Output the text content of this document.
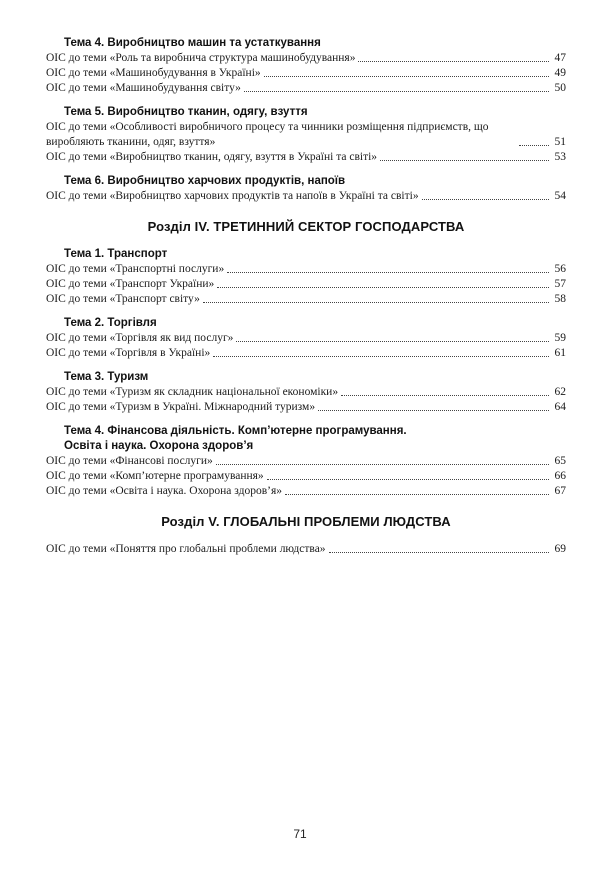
Тема 4. Виробництво машин та устаткування
ОІС до теми «Роль та виробнича структура машинобудування»	47
ОІС до теми «Машинобудування в Україні»	49
ОІС до теми «Машинобудування світу»	50
Тема 5. Виробництво тканин, одягу, взуття
ОІС до теми «Особливості виробничого процесу та чинники розміщення підприємств, що виробляють тканини, одяг, взуття»	51
ОІС до теми «Виробництво тканин, одягу, взуття в Україні та світі»	53
Тема 6. Виробництво харчових продуктів, напоїв
ОІС до теми «Виробництво харчових продуктів та напоїв в Україні та світі»	54
Розділ IV. ТРЕТИННИЙ СЕКТОР ГОСПОДАРСТВА
Тема 1. Транспорт
ОІС до теми «Транспортні послуги»	56
ОІС до теми «Транспорт України»	57
ОІС до теми «Транспорт світу»	58
Тема 2. Торгівля
ОІС до теми «Торгівля як вид послуг»	59
ОІС до теми «Торгівля в Україні»	61
Тема 3. Туризм
ОІС до теми «Туризм як складник національної економіки»	62
ОІС до теми «Туризм в Україні. Міжнародний туризм»	64
Тема 4. Фінансова діяльність. Комп’ютерне програмування.
Освіта і наука. Охорона здоров’я
ОІС до теми «Фінансові послуги»	65
ОІС до теми «Комп’ютерне програмування»	66
ОІС до теми «Освіта і наука. Охорона здоров’я»	67
Розділ V. ГЛОБАЛЬНІ ПРОБЛЕМИ ЛЮДСТВА
ОІС до теми «Поняття про глобальні проблеми людства»	69
71
